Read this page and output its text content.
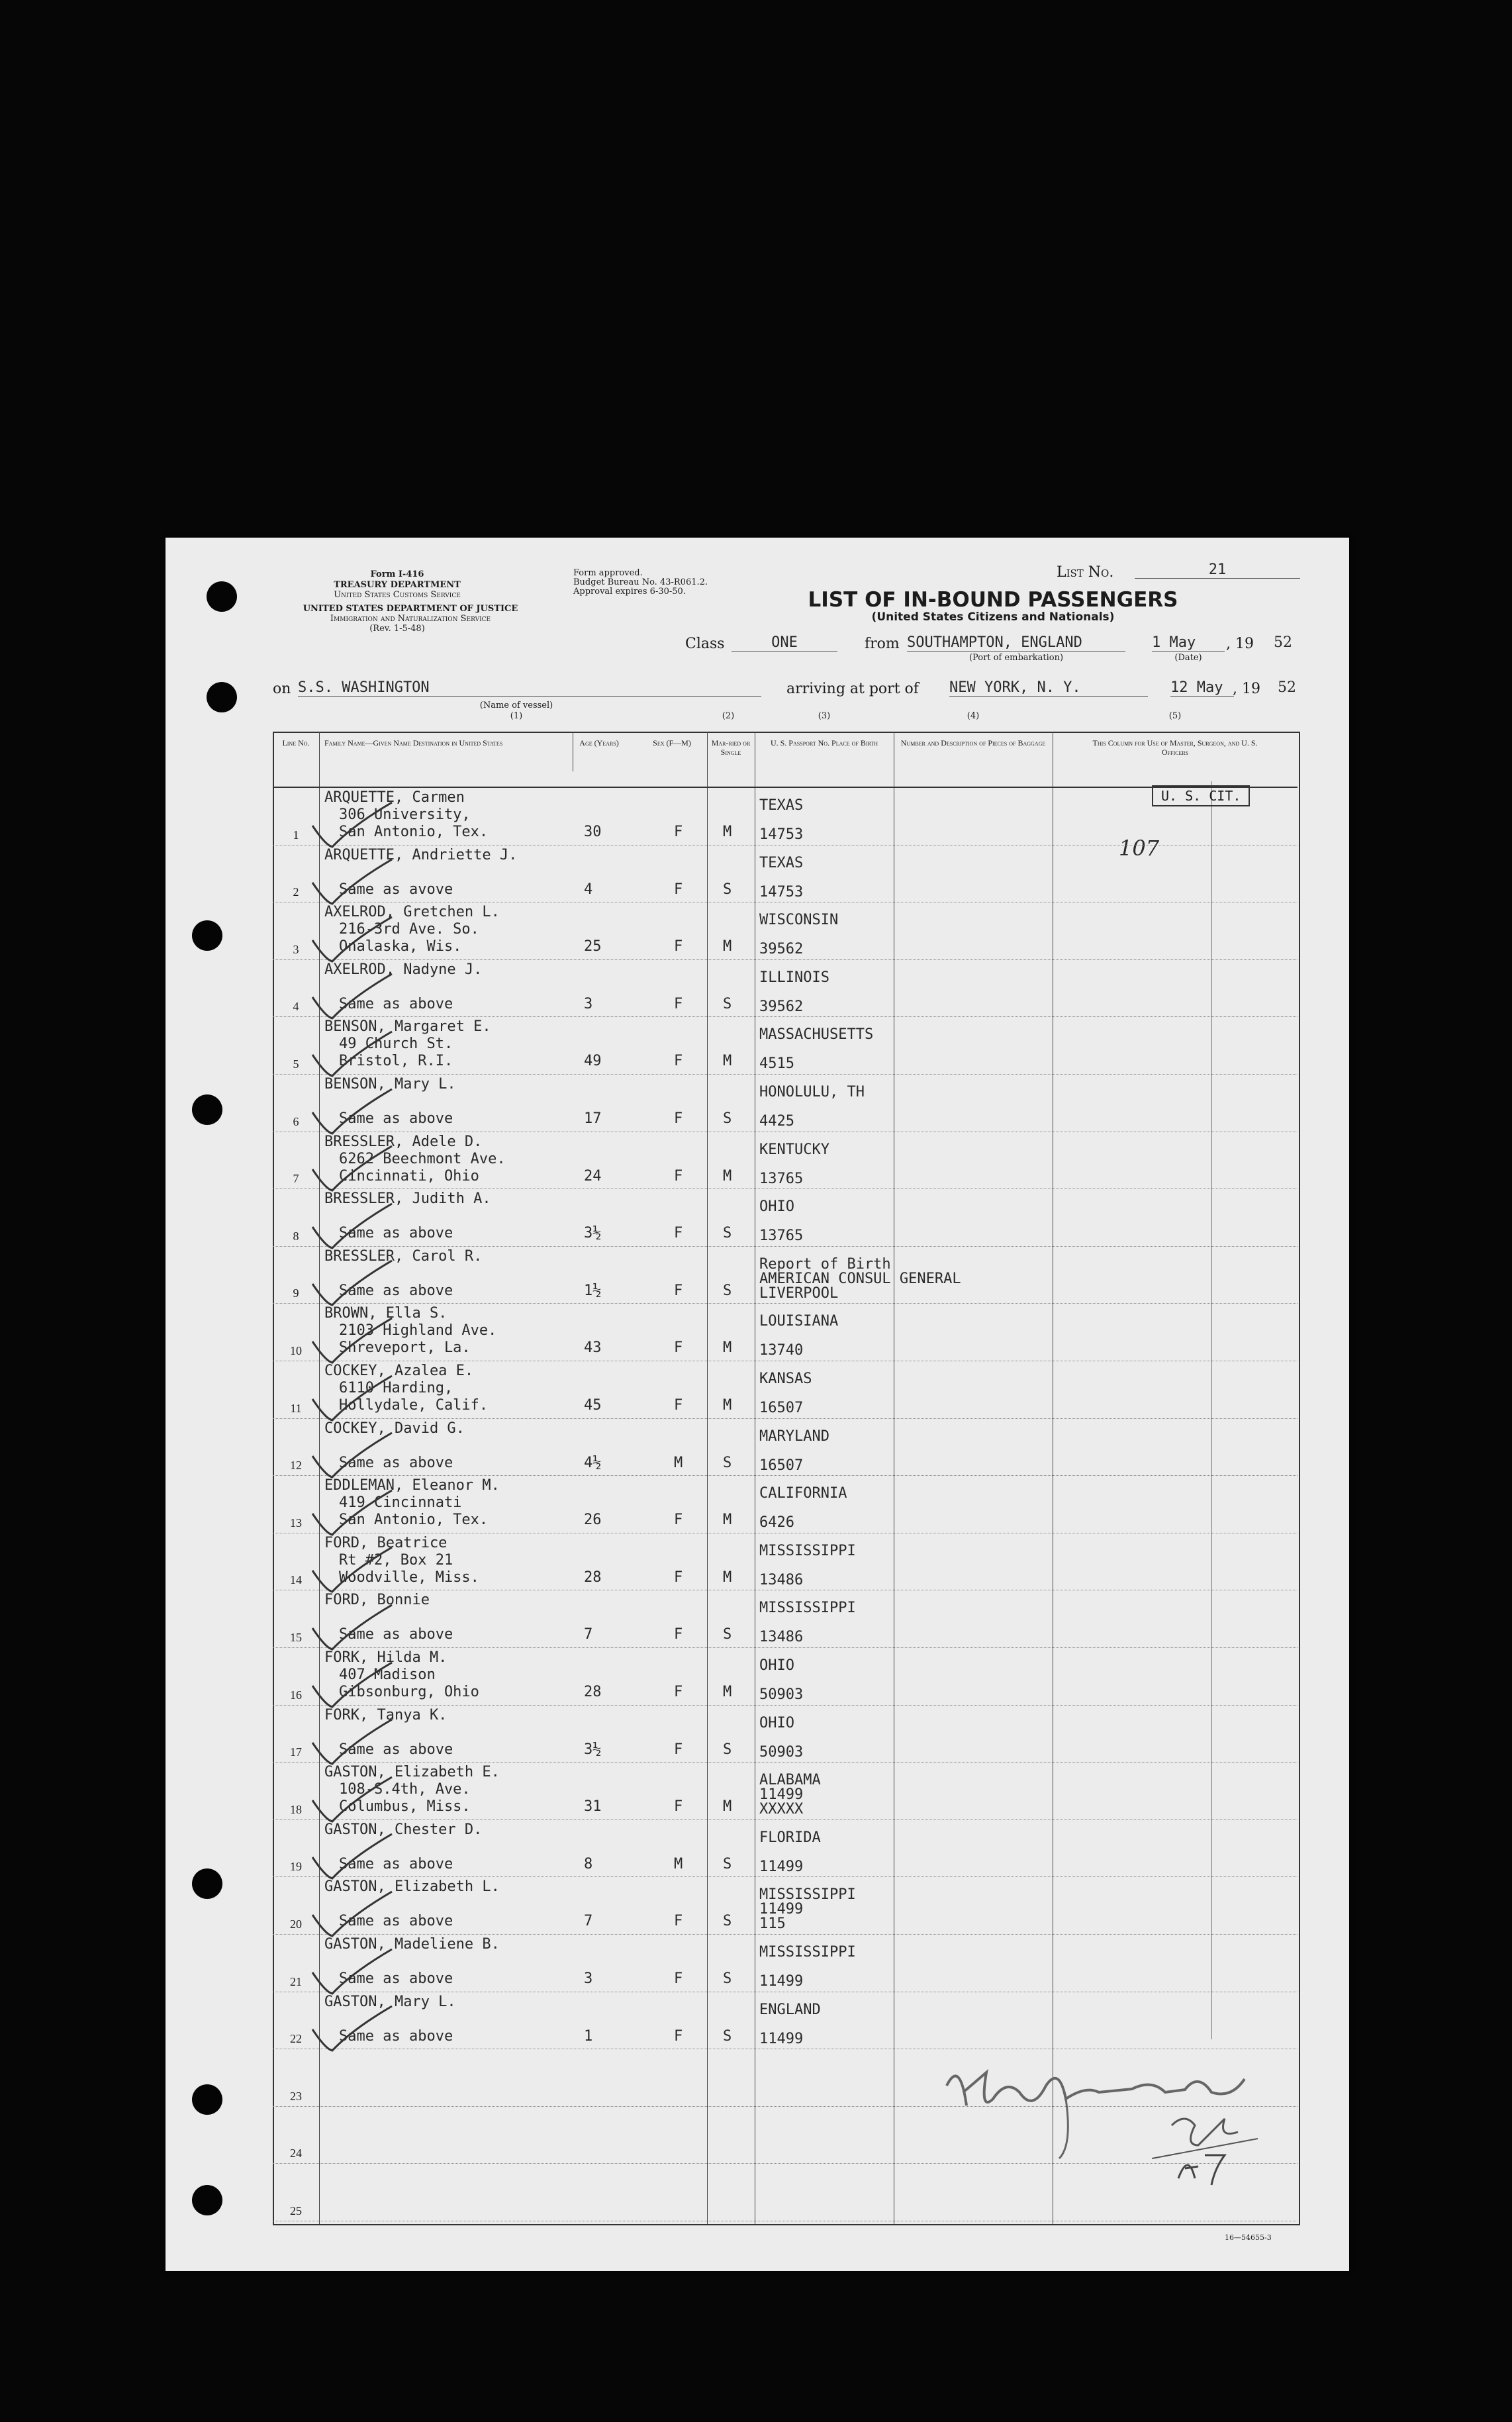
Form I-416
TREASURY DEPARTMENT
United States Customs Service
UNITED STATES DEPARTMENT OF JUSTICE
Immigration and Naturalization Service
(Rev. 1-5-48)
Form approved.
Budget Bureau No. 43-R061.2.
Approval expires 6-30-50.
List No.	21
LIST OF IN-BOUND PASSENGERS
(United States Citizens and Nationals)
Class	ONE	from SOUTHAMPTON, ENGLAND
(Port of embarkation)
1 May	, 19 52
(Date)
on S.S. WASHINGTON
(Name of vessel)
(1)
arriving at port of NEW YORK, N. Y.	12 May , 19 52
(2)	(3)	(4)	(5)
Line No.	Family Name—Given Name Destination in United States	Age (Years)	Sex (F—M)	Mar-ried or Single
U. S. Passport No. Place of Birth	Number and Description of Pieces of Baggage	This Column for Use of Master, Surgeon, and U. S. Officers
U. S. CIT.
107
1
ARQUETTE, Carmen
306 University,
San Antonio, Tex.	30	F	M
TEXAS
14753
2
ARQUETTE, Andriette J.
Same as avove	4	F	S
TEXAS
14753
3
AXELROD, Gretchen L.
216-3rd Ave. So.
Onalaska, Wis.	25	F	M
WISCONSIN
39562
4
AXELROD, Nadyne J.
Same as above	3	F	S
ILLINOIS
39562
5
BENSON, Margaret E.
49 Church St.
Bristol, R.I.	49	F	M
MASSACHUSETTS
4515
6
BENSON, Mary L.
Same as above	17	F	S
HONOLULU, TH
4425
7
BRESSLER, Adele D.
6262 Beechmont Ave.
Cincinnati, Ohio	24	F	M
KENTUCKY
13765
8
BRESSLER, Judith A.
Same as above	3½	F	S
OHIO
13765
9
BRESSLER, Carol R.
Same as above	1½	F	S
Report of Birth
AMERICAN CONSUL GENERAL
LIVERPOOL
10
BROWN, Ella S.
2103 Highland Ave.
Shreveport, La.	43	F	M
LOUISIANA
13740
11
COCKEY, Azalea E.
6110 Harding,
Hollydale, Calif.	45	F	M
KANSAS
16507
12
COCKEY, David G.
Same as above	4½	M	S
MARYLAND
16507
13
EDDLEMAN, Eleanor M.
419 Cincinnati
San Antonio, Tex.	26	F	M
CALIFORNIA
6426
14
FORD, Beatrice
Rt #2, Box 21
Woodville, Miss.	28	F	M
MISSISSIPPI
13486
15
FORD, Bonnie
Same as above	7	F	S
MISSISSIPPI
13486
16
FORK, Hilda M.
407 Madison
Gibsonburg, Ohio	28	F	M
OHIO
50903
17
FORK, Tanya K.
Same as above	3½	F	S
OHIO
50903
18
GASTON, Elizabeth E.
108-S.4th, Ave.
Columbus, Miss.	31	F	M
ALABAMA
11499
XXXXX
19
GASTON, Chester D.
Same as above	8	M	S
FLORIDA
11499
20
GASTON, Elizabeth L.
Same as above	7	F	S
MISSISSIPPI
11499
115
21
GASTON, Madeliene B.
Same as above	3	F	S
MISSISSIPPI
11499
22
GASTON, Mary L.
Same as above	1	F	S
ENGLAND
11499
23
24
25
16—54655-3
